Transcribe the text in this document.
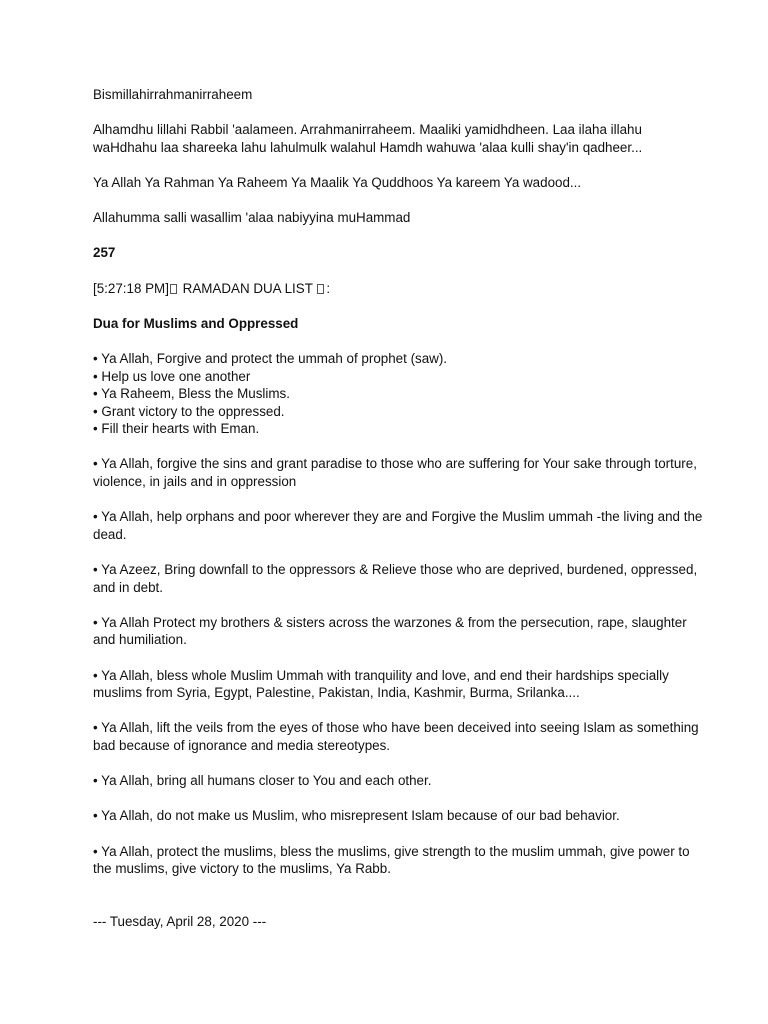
Bismillahirrahmanirraheem

Alhamdhu lillahi Rabbil 'aalameen. Arrahmanirraheem. Maaliki yamidhdheen. Laa ilaha illahu waHdhahu laa shareeka lahu lahulmulk walahul Hamdh wahuwa 'alaa kulli shay'in qadheer...

Ya Allah Ya Rahman Ya Raheem Ya Maalik Ya Quddhoos Ya kareem Ya wadood...

Allahumma salli wasallim 'alaa nabiyyina muHammad

257

[5:27:18 PM] RAMADAN DUA LIST :

Dua for Muslims and Oppressed

• Ya Allah, Forgive and protect the ummah of prophet (saw).
• Help us love one another
• Ya Raheem, Bless the Muslims.
• Grant victory to the oppressed.
• Fill their hearts with Eman.

• Ya Allah, forgive the sins and grant paradise to those who are suffering for Your sake through torture, violence, in jails and in oppression

• Ya Allah, help orphans and poor wherever they are and Forgive the Muslim ummah -the living and the dead.

• Ya Azeez, Bring downfall to the oppressors & Relieve those who are deprived, burdened, oppressed, and in debt.

• Ya Allah Protect my brothers & sisters across the warzones & from the persecution, rape, slaughter and humiliation.

• Ya Allah, bless whole Muslim Ummah with tranquility and love, and end their hardships specially muslims from Syria, Egypt, Palestine, Pakistan, India, Kashmir, Burma, Srilanka....

• Ya Allah, lift the veils from the eyes of those who have been deceived into seeing Islam as something bad because of ignorance and media stereotypes.

• Ya Allah, bring all humans closer to You and each other.

• Ya Allah, do not make us Muslim, who misrepresent Islam because of our bad behavior.

• Ya Allah, protect the muslims, bless the muslims, give strength to the muslim ummah, give power to the muslims, give victory to the muslims, Ya Rabb.

--- Tuesday, April 28, 2020 ---
